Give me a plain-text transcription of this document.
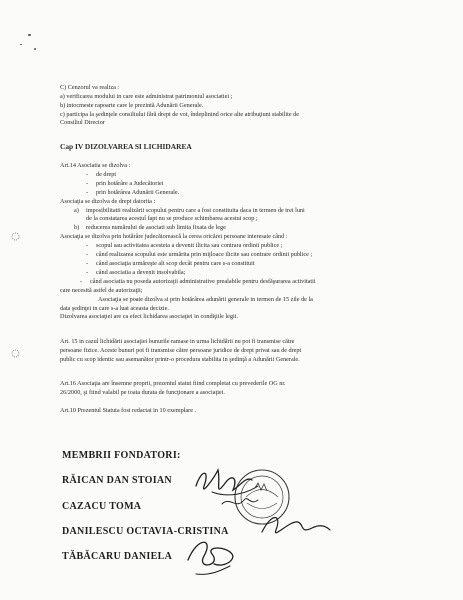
C) Cenzorul va realiza :
a) verificarea modului in care este administrat patrimoniul asociatiei ;
b) intocmeste rapoarte care le prezintă Adunării Generale.
c) participa la şedinţele consiliului fără drept de vot, îndeplinind orice alte atribuţiuni stabilite de
Consiliul Director
Cap IV DIZOLVAREA SI LICHIDAREA
Art.14 Asociatia se dizolva :
- de drept
- prin hotărâre a Judecătoriei
- prin hotărârea Adunării Generale.
Asociaţia se dizolva de drept datorita :
a) imposibilitatii realizării scopului pentru care a fost constituita daca in termen de trei luni
de la constatarea acestuî fapt nu se produce schimbarea acestui scop ;
b) reducerea numărului de asociati sub limita fixata de lege
Asociaţia se dizolva prin hotărâre judecătorească la cerea oricărei persoane interesate când :
- scopul sau activitatea acesteia a devenit ilicita sau contrara ordinii publice ;
- când realizarea scopului este urmărita prin mijloace ilicite sau contrare ordinii publice ;
- când asociaţia urmăreşte alt scop decât pentru care s-a constituit
- când asociatia a devenit insolvabila;
- când asociatia nu poseda autorizaţii administrative prealabile pentru desfăşurarea activitatii
care necesită astfel de autorizaţii;
Asociaţia se poate dizolva si prin hotărârea adunării generale in termen de 15 zile de la
data şedinţei in care s-a luat aceasta decizie.
Dizolvarea asociaţiei are ca efect lichidarea asociaţiei in condiţiile legii.
Art. 15 in cazul lichidării asociaţiei bunurile ramase in urma lichidării nu pot fi transmise către
persoane fizice. Aceste bunuri pot fi transmise către persoane juridice de drept privat sau de drept
public cu scop identic sau asemanător printr-o procedura stabilita in şedinţă a Adunării Generale.
Art.16 Asociaţia are însemne proprii, prezentul statut fiind completat cu prevederile OG nr.
26/2000, şi fiind valabil pe toata durata de funcţionare a asociaţiei.
Art.10 Prezentul Statuta fost redactat in 10 exemplare .
MEMBRII FONDATORI:
RĂICAN DAN STOIAN
CAZACU TOMA
DANILESCU OCTAVIA-CRISTINA
TĂBĂCARU DANIELA
